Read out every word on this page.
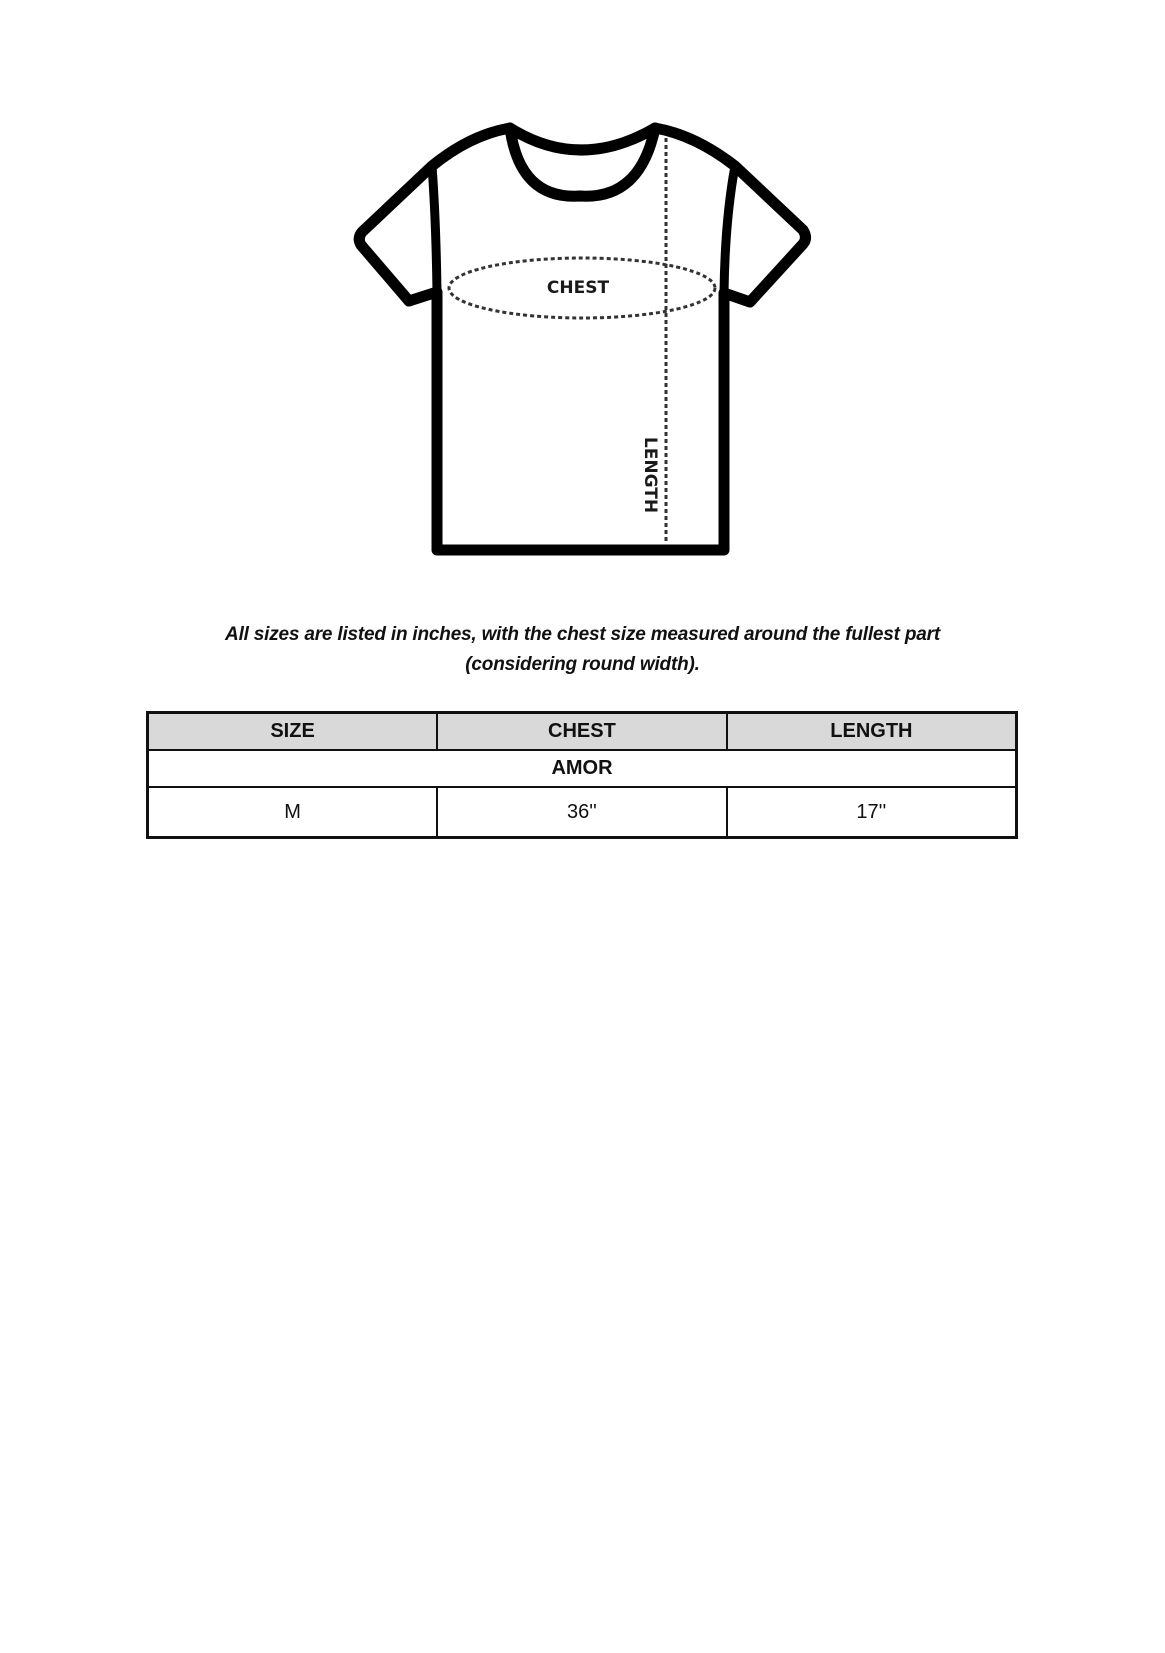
CHEST
LENGTH
All sizes are listed in inches, with the chest size measured around the fullest part
(considering round width).
SIZE	CHEST	LENGTH
AMOR		
M	36''	17''
